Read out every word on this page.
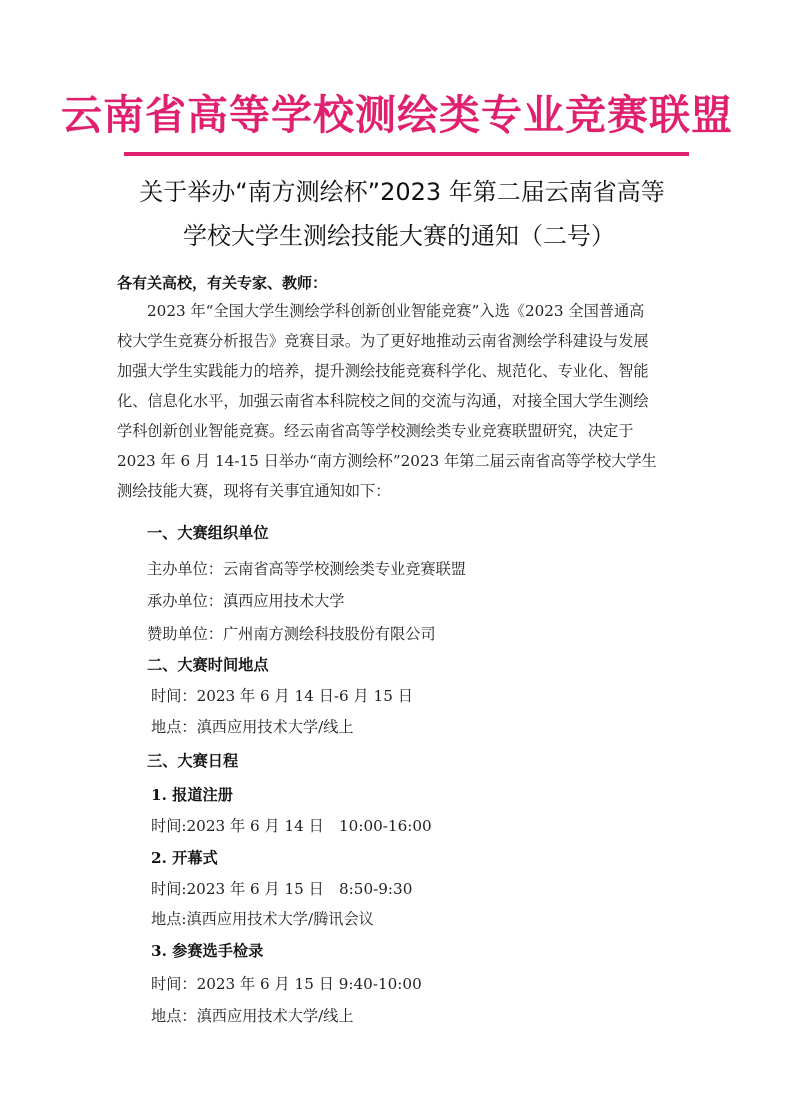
云南省高等学校测绘类专业竞赛联盟
关于举办“南方测绘杯”2023 年第二届云南省高等
学校大学生测绘技能大赛的通知（二号）
各有关高校，有关专家、教师：
2023 年“全国大学生测绘学科创新创业智能竞赛”入选《2023 全国普通高
校大学生竞赛分析报告》竞赛目录。为了更好地推动云南省测绘学科建设与发展
加强大学生实践能力的培养，提升测绘技能竞赛科学化、规范化、专业化、智能
化、信息化水平，加强云南省本科院校之间的交流与沟通，对接全国大学生测绘
学科创新创业智能竞赛。经云南省高等学校测绘类专业竞赛联盟研究，决定于
2023 年 6 月 14-15 日举办“南方测绘杯”2023 年第二届云南省高等学校大学生
测绘技能大赛，现将有关事宜通知如下：
一、大赛组织单位
主办单位：云南省高等学校测绘类专业竞赛联盟
承办单位：滇西应用技术大学
赞助单位：广州南方测绘科技股份有限公司
二、大赛时间地点
时间：2023 年 6 月 14 日-6 月 15 日
地点：滇西应用技术大学/线上
三、大赛日程
1. 报道注册
时间:2023 年 6 月 14 日　10:00-16:00
2. 开幕式
时间:2023 年 6 月 15 日　8:50-9:30
地点:滇西应用技术大学/腾讯会议
3. 参赛选手检录
时间：2023 年 6 月 15 日 9:40-10:00
地点：滇西应用技术大学/线上
